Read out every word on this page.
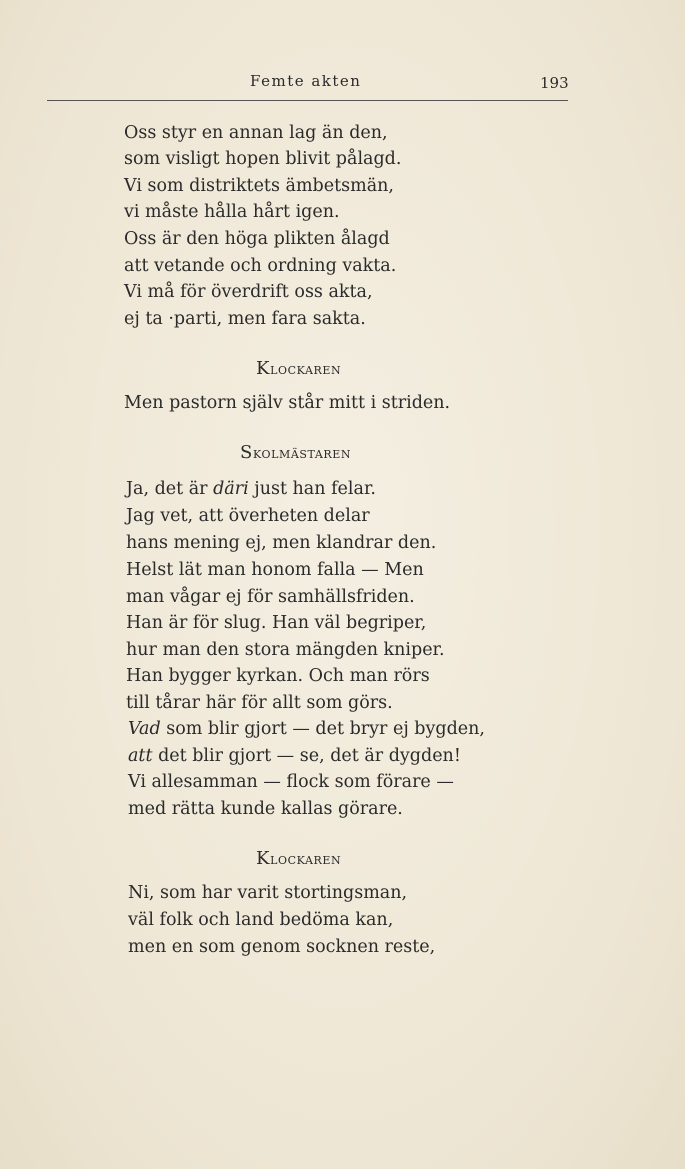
Femte akten	193
Oss styr en annan lag än den,
som visligt hopen blivit pålagd.
Vi som distriktets ämbetsmän,
vi måste hålla hårt igen.
Oss är den höga plikten ålagd
att vetande och ordning vakta.
Vi må för överdrift oss akta,
ej ta ·parti, men fara sakta.
Klockaren
Men pastorn själv står mitt i striden.
Skolmästaren
Ja, det är däri just han felar.
Jag vet, att överheten delar
hans mening ej, men klandrar den.
Helst lät man honom falla — Men
man vågar ej för samhällsfriden.
Han är för slug. Han väl begriper,
hur man den stora mängden kniper.
Han bygger kyrkan. Och man rörs
till tårar här för allt som görs.
Vad som blir gjort — det bryr ej bygden,
att det blir gjort — se, det är dygden!
Vi allesamman — flock som förare —
med rätta kunde kallas görare.
Klockaren
Ni, som har varit stortingsman,
väl folk och land bedöma kan,
men en som genom socknen reste,
